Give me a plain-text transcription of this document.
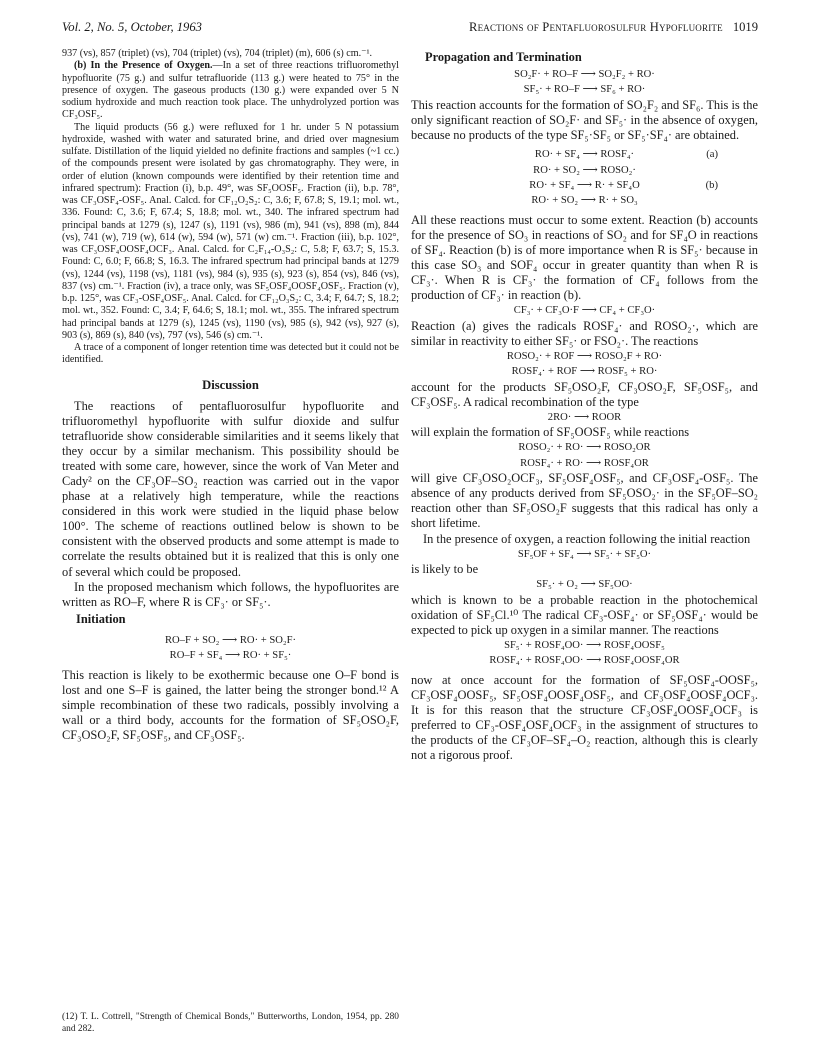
Vol. 2, No. 5, October, 1963	Reactions of Pentafluorosulfur Hypofluorite 1019

937 (vs), 857 (triplet) (vs), 704 (triplet) (vs), 704 (triplet) (m), 606 (s) cm.⁻¹.

(b) In the Presence of Oxygen.—In a set of three reactions trifluoromethyl hypofluorite (75 g.) and sulfur tetrafluoride (113 g.) were heated to 75° in the presence of oxygen. The gaseous products (130 g.) were expanded over 5 N sodium hydroxide and much reaction took place. The unhydrolyzed portion was CF₃OSF₅.

The liquid products (56 g.) were refluxed for 1 hr. under 5 N potassium hydroxide, washed with water and saturated brine, and dried over magnesium sulfate. Distillation of the liquid yielded no definite fractions and samples (~1 cc.) of the compounds present were isolated by gas chromatography. They were, in order of elution (known compounds were identified by their retention time and infrared spectrum): Fraction (i), b.p. 49°, was SF₅OOSF₅. Fraction (ii), b.p. 78°, was CF₃OSF₄-OSF₅. Anal. Calcd. for CF₁₂O₂S₂: C, 3.6; F, 67.8; S, 19.1; mol. wt., 336. Found: C, 3.6; F, 67.4; S, 18.8; mol. wt., 340. The infrared spectrum had principal bands at 1279 (s), 1247 (s), 1191 (vs), 986 (m), 941 (vs), 898 (m), 844 (vs), 741 (w), 719 (w), 614 (w), 594 (w), 571 (w) cm.⁻¹. Fraction (iii), b.p. 102°, was CF₃OSF₄OOSF₄OCF₃. Anal. Calcd. for C₂F₁₄-O₃S₂: C, 5.8; F, 63.7; S, 15.3. Found: C, 6.0; F, 66.8; S, 16.3. The infrared spectrum had principal bands at 1279 (vs), 1244 (vs), 1198 (vs), 1181 (vs), 984 (s), 935 (s), 923 (s), 854 (vs), 846 (vs), 837 (vs) cm.⁻¹. Fraction (iv), a trace only, was SF₅OSF₄OOSF₄OSF₅. Fraction (v), b.p. 125°, was CF₃-OSF₄OSF₅. Anal. Calcd. for CF₁₂O₃S₂: C, 3.4; F, 64.7; S, 18.2; mol. wt., 352. Found: C, 3.4; F, 64.6; S, 18.1; mol. wt., 355. The infrared spectrum had principal bands at 1279 (s), 1245 (vs), 1190 (vs), 985 (s), 942 (vs), 927 (s), 903 (s), 869 (s), 840 (vs), 797 (vs), 546 (s) cm.⁻¹.

A trace of a component of longer retention time was detected but it could not be identified.

Discussion

The reactions of pentafluorosulfur hypofluorite and trifluoromethyl hypofluorite with sulfur dioxide and sulfur tetrafluoride show considerable similarities and it seems likely that they occur by a similar mechanism. This possibility should be treated with some care, however, since the work of Van Meter and Cady² on the CF₃OF–SO₂ reaction was carried out in the vapor phase at a relatively high temperature, while the reactions considered in this work were studied in the liquid phase below 100°. The scheme of reactions outlined below is shown to be consistent with the observed products and some attempt is made to correlate the results obtained but it is realized that this is only one of several which could be proposed.

In the proposed mechanism which follows, the hypofluorites are written as RO–F, where R is CF₃· or SF₅·.

Initiation
RO–F + SO₂ ⟶ RO· + SO₂F·
RO–F + SF₄ ⟶ RO· + SF₅·

This reaction is likely to be exothermic because one O–F bond is lost and one S–F is gained, the latter being the stronger bond.¹² A simple recombination of these two radicals, possibly involving a wall or a third body, accounts for the formation of SF₅OSO₂F, CF₃OSO₂F, SF₅OSF₅, and CF₃OSF₅.

(12) T. L. Cottrell, "Strength of Chemical Bonds," Butterworths, London, 1954, pp. 280 and 282.
Propagation and Termination
SO₂F· + RO–F ⟶ SO₂F₂ + RO·
SF₅· + RO–F ⟶ SF₆ + RO·

This reaction accounts for the formation of SO₂F₂ and SF₆. This is the only significant reaction of SO₂F· and SF₅· in the absence of oxygen, because no products of the type SF₅·SF₅ or SF₅·SF₄· are obtained.

RO· + SF₄ ⟶ ROSF₄·	(a)
RO· + SO₂ ⟶ ROSO₂·
RO· + SF₄ ⟶ R· + SF₄O	(b)
RO· + SO₂ ⟶ R· + SO₃

All these reactions must occur to some extent. Reaction (b) accounts for the presence of SO₃ in reactions of SO₂ and for SF₄O in reactions of SF₄. Reaction (b) is of more importance when R is SF₅· because in this case SO₃ and SOF₄ occur in greater quantity than when R is CF₃·. When R is CF₃· the formation of CF₄ follows from the production of CF₃· in reaction (b).

CF₃· + CF₃O·F ⟶ CF₄ + CF₃O·

Reaction (a) gives the radicals ROSF₄· and ROSO₂·, which are similar in reactivity to either SF₅· or FSO₂·. The reactions

ROSO₂· + ROF ⟶ ROSO₂F + RO·
ROSF₄· + ROF ⟶ ROSF₅ + RO·

account for the products SF₅OSO₂F, CF₃OSO₂F, SF₅OSF₅, and CF₃OSF₅. A radical recombination of the type

2RO· ⟶ ROOR

will explain the formation of SF₅OOSF₅ while reactions

ROSO₂· + RO· ⟶ ROSO₂OR
ROSF₄· + RO· ⟶ ROSF₄OR

will give CF₃OSO₂OCF₃, SF₅OSF₄OSF₅, and CF₃OSF₄-OSF₅. The absence of any products derived from SF₅OSO₂· in the SF₅OF–SO₂ reaction other than SF₅OSO₂F suggests that this radical has only a short lifetime.

In the presence of oxygen, a reaction following the initial reaction

SF₅OF + SF₄ ⟶ SF₅· + SF₅O·

is likely to be

SF₅· + O₂ ⟶ SF₅OO·

which is known to be a probable reaction in the photochemical oxidation of SF₅Cl.¹⁰ The radical CF₃-OSF₄· or SF₅OSF₄· would be expected to pick up oxygen in a similar manner. The reactions

SF₅· + ROSF₄OO· ⟶ ROSF₄OOSF₅
ROSF₄· + ROSF₄OO· ⟶ ROSF₄OOSF₄OR

now at once account for the formation of SF₅OSF₄-OOSF₅, CF₃OSF₄OOSF₅, SF₅OSF₄OOSF₄OSF₅, and CF₃OSF₄OOSF₄OCF₃. It is for this reason that the structure CF₃OSF₄OOSF₄OCF₃ is preferred to CF₃-OSF₄OSF₄OCF₃ in the assignment of structures to the products of the CF₃OF–SF₄–O₂ reaction, although this is clearly not a rigorous proof.
